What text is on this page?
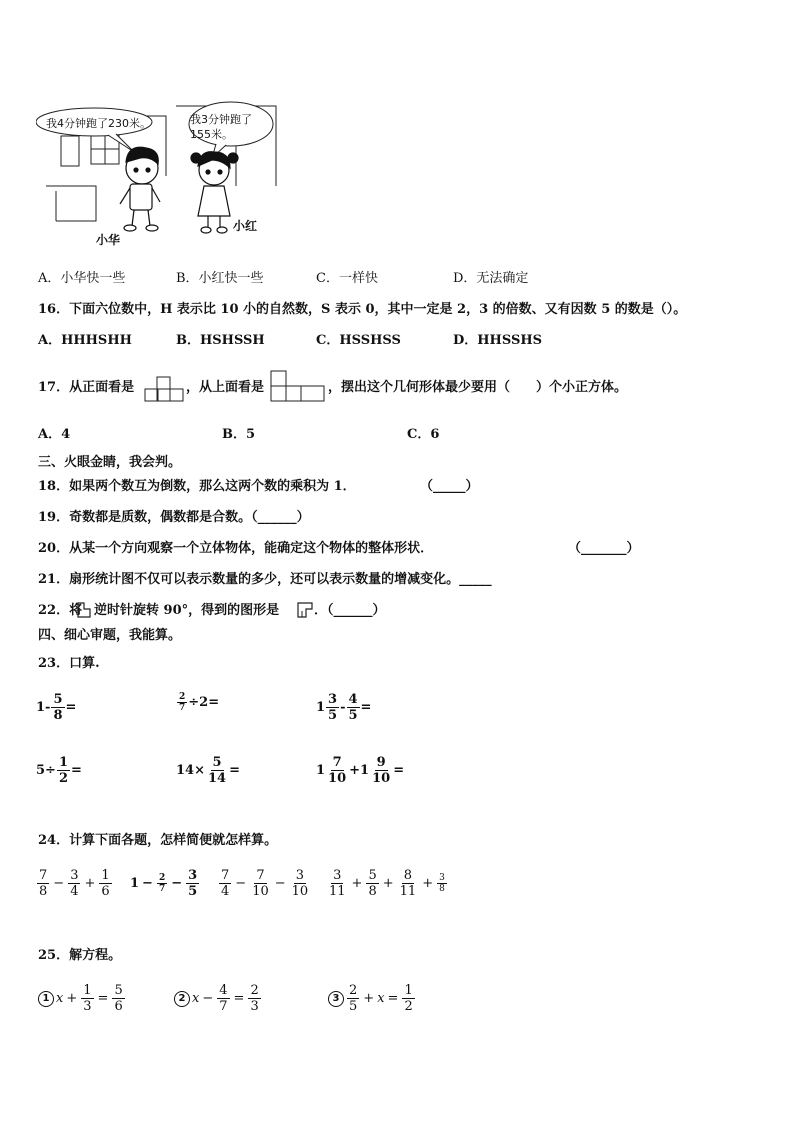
我4分钟跑了230米。	我3分钟跑了
155米。
小华
小红
A．小华快一些	B．小红快一些	C．一样快	D．无法确定
16．下面六位数中，H 表示比 10 小的自然数，S 表示 0，其中一定是 2，3 的倍数、又有因数 5 的数是（）。
A．HHHSHH	B．HSHSSH	C．HSSHSS	D．HHSSHS
17．从正面看是	，从上面看是	，摆出这个几何形体最少要用（　　）个小正方体。
A．4	B．5	C．6
三、火眼金睛，我会判。
18．如果两个数互为倒数，那么这两个数的乘积为 1．	（_____）
19．奇数都是质数，偶数都是合数。（______）
20．从某一个方向观察一个立体物体，能确定这个物体的整体形状．	（_______）
21．扇形统计图不仅可以表示数量的多少，还可以表示数量的增减变化。_____
22．将 逆时针旋转 90°，得到的图形是	．（______）
四、细心审题，我能算。
23．口算.
$1- \frac{5}{8}$ =	$\frac{2}{7} \div 2=$	$1 \frac{3}{5} - \frac{4}{5}$ =
$5\div \frac{1}{2}$ =	$14\times \frac{5}{14}$ =	$1 \frac{7}{10} +1 \frac{9}{10}$ =
24．计算下面各题，怎样简便就怎样算。
$\frac{7}{8} - \frac{3}{4} + \frac{1}{6} 1 - \frac{2}{7} - \frac{3}{5} \frac{7}{4} - \frac{7}{10} - \frac{3}{10} \frac{3}{11} + \frac{5}{8} + \frac{8}{11} + \frac{3}{8}$
25．解方程。
1 $x + \frac{1}{3} = \frac{5}{6}$	2 $x - \frac{4}{7} = \frac{2}{3}$	$3 \frac{2}{5} + x = \frac{1}{2}$
